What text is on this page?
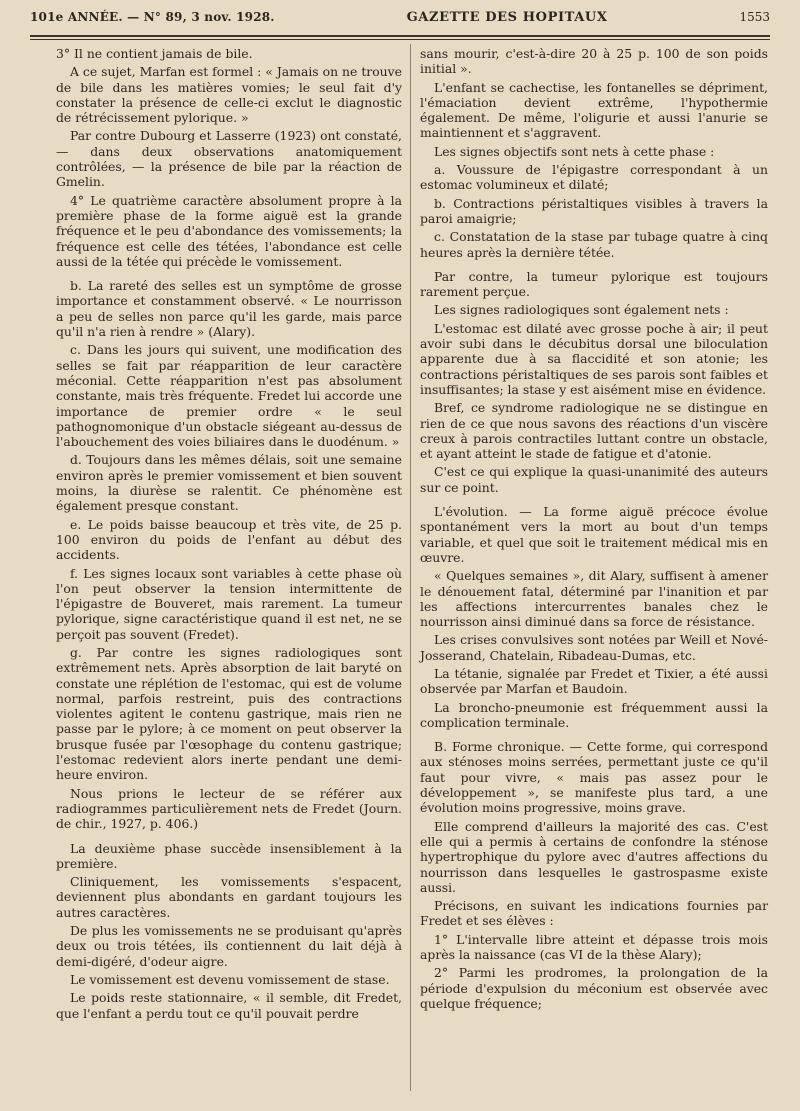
101e ANNÉE. — N° 89, 3 nov. 1928.	GAZETTE DES HOPITAUX	1553

3° Il ne contient jamais de bile.

A ce sujet, Marfan est formel : « Jamais on ne trouve de bile dans les matières vomies; le seul fait d'y constater la présence de celle-ci exclut le diagnostic de rétrécissement pylorique. »

Par contre Dubourg et Lasserre (1923) ont constaté, — dans deux observations anatomiquement contrôlées, — la présence de bile par la réaction de Gmelin.

4° Le quatrième caractère absolument propre à la première phase de la forme aiguë est la grande fréquence et le peu d'abondance des vomissements; la fréquence est celle des tétées, l'abondance est celle aussi de la tétée qui précède le vomissement.

b. La rareté des selles est un symptôme de grosse importance et constamment observé. « Le nourrisson a peu de selles non parce qu'il les garde, mais parce qu'il n'a rien à rendre » (Alary).

c. Dans les jours qui suivent, une modification des selles se fait par réapparition de leur caractère méconial. Cette réapparition n'est pas absolument constante, mais très fréquente. Fredet lui accorde une importance de premier ordre « le seul pathognomonique d'un obstacle siégeant au-dessus de l'abouchement des voies biliaires dans le duodénum. »

d. Toujours dans les mêmes délais, soit une semaine environ après le premier vomissement et bien souvent moins, la diurèse se ralentit. Ce phénomène est également presque constant.

e. Le poids baisse beaucoup et très vite, de 25 p. 100 environ du poids de l'enfant au début des accidents.

f. Les signes locaux sont variables à cette phase où l'on peut observer la tension intermittente de l'épigastre de Bouveret, mais rarement. La tumeur pylorique, signe caractéristique quand il est net, ne se perçoit pas souvent (Fredet).

g. Par contre les signes radiologiques sont extrêmement nets. Après absorption de lait baryté on constate une réplétion de l'estomac, qui est de volume normal, parfois restreint, puis des contractions violentes agitent le contenu gastrique, mais rien ne passe par le pylore; à ce moment on peut observer la brusque fusée par l'œsophage du contenu gastrique; l'estomac redevient alors inerte pendant une demi-heure environ.

Nous prions le lecteur de se référer aux radiogrammes particulièrement nets de Fredet (Journ. de chir., 1927, p. 406.)

La deuxième phase succède insensiblement à la première.

Cliniquement, les vomissements s'espacent, deviennent plus abondants en gardant toujours les autres caractères.

De plus les vomissements ne se produisant qu'après deux ou trois tétées, ils contiennent du lait déjà à demi-digéré, d'odeur aigre.

Le vomissement est devenu vomissement de stase.

Le poids reste stationnaire, « il semble, dit Fredet, que l'enfant a perdu tout ce qu'il pouvait perdre

sans mourir, c'est-à-dire 20 à 25 p. 100 de son poids initial ».

L'enfant se cachectise, les fontanelles se dépriment, l'émaciation devient extrême, l'hypothermie également. De même, l'oligurie et aussi l'anurie se maintiennent et s'aggravent.

Les signes objectifs sont nets à cette phase :

a. Voussure de l'épigastre correspondant à un estomac volumineux et dilaté;

b. Contractions péristaltiques visibles à travers la paroi amaigrie;

c. Constatation de la stase par tubage quatre à cinq heures après la dernière tétée.

Par contre, la tumeur pylorique est toujours rarement perçue.

Les signes radiologiques sont également nets :

L'estomac est dilaté avec grosse poche à air; il peut avoir subi dans le décubitus dorsal une biloculation apparente due à sa flaccidité et son atonie; les contractions péristaltiques de ses parois sont faibles et insuffisantes; la stase y est aisément mise en évidence.

Bref, ce syndrome radiologique ne se distingue en rien de ce que nous savons des réactions d'un viscère creux à parois contractiles luttant contre un obstacle, et ayant atteint le stade de fatigue et d'atonie.

C'est ce qui explique la quasi-unanimité des auteurs sur ce point.

L'évolution. — La forme aiguë précoce évolue spontanément vers la mort au bout d'un temps variable, et quel que soit le traitement médical mis en œuvre.

« Quelques semaines », dit Alary, suffisent à amener le dénouement fatal, déterminé par l'inanition et par les affections intercurrentes banales chez le nourrisson ainsi diminué dans sa force de résistance.

Les crises convulsives sont notées par Weill et Nové-Josserand, Chatelain, Ribadeau-Dumas, etc.

La tétanie, signalée par Fredet et Tixier, a été aussi observée par Marfan et Baudoin.

La broncho-pneumonie est fréquemment aussi la complication terminale.

B. Forme chronique. — Cette forme, qui correspond aux sténoses moins serrées, permettant juste ce qu'il faut pour vivre, « mais pas assez pour le développement », se manifeste plus tard, a une évolution moins progressive, moins grave.

Elle comprend d'ailleurs la majorité des cas. C'est elle qui a permis à certains de confondre la sténose hypertrophique du pylore avec d'autres affections du nourrisson dans lesquelles le gastrospasme existe aussi.

Précisons, en suivant les indications fournies par Fredet et ses élèves :

1° L'intervalle libre atteint et dépasse trois mois après la naissance (cas VI de la thèse Alary);

2° Parmi les prodromes, la prolongation de la période d'expulsion du méconium est observée avec quelque fréquence;
